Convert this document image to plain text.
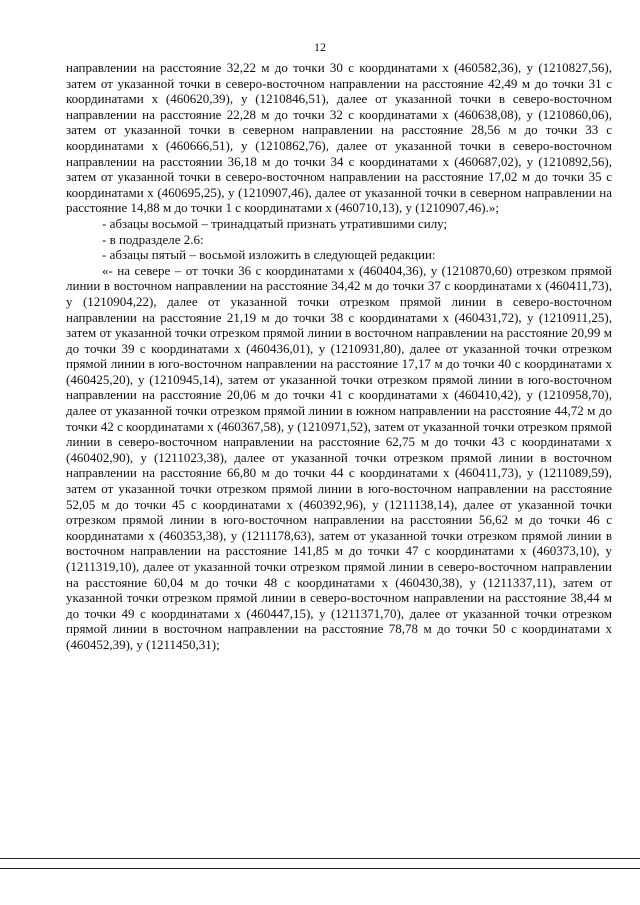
12

направлении на расстояние 32,22 м до точки 30 с координатами x (460582,36), y (1210827,56), затем от указанной точки в северо-восточном направлении на расстояние 42,49 м до точки 31 с координатами x (460620,39), y (1210846,51), далее от указанной точки в северо-восточном направлении на расстояние 22,28 м до точки 32 с координатами x (460638,08), y (1210860,06), затем от указанной точки в северном направлении на расстояние 28,56 м до точки 33 с координатами x (460666,51), y (1210862,76), далее от указанной точки в северо-восточном направлении на расстоянии 36,18 м до точки 34 с координатами x (460687,02), y (1210892,56), затем от указанной точки в северо-восточном направлении на расстояние 17,02 м до точки 35 с координатами x (460695,25), y (1210907,46), далее от указанной точки в северном направлении на расстояние 14,88 м до точки 1 с координатами x (460710,13), y (1210907,46).»;

- абзацы восьмой – тринадцатый признать утратившими силу;

- в подразделе 2.6:

- абзацы пятый – восьмой изложить в следующей редакции:

«- на севере – от точки 36 с координатами x (460404,36), y (1210870,60) отрезком прямой линии в восточном направлении на расстояние 34,42 м до точки 37 с координатами x (460411,73), y (1210904,22), далее от указанной точки отрезком прямой линии в северо-восточном направлении на расстояние 21,19 м до точки 38 с координатами x (460431,72), y (1210911,25), затем от указанной точки отрезком прямой линии в восточном направлении на расстояние 20,99 м до точки 39 с координатами x (460436,01), y (1210931,80), далее от указанной точки отрезком прямой линии в юго-восточном направлении на расстояние 17,17 м до точки 40 с координатами x (460425,20), y (1210945,14), затем от указанной точки отрезком прямой линии в юго-восточном направлении на расстояние 20,06 м до точки 41 с координатами x (460410,42), y (1210958,70), далее от указанной точки отрезком прямой линии в южном направлении на расстояние 44,72 м до точки 42 с координатами x (460367,58), y (1210971,52), затем от указанной точки отрезком прямой линии в северо-восточном направлении на расстояние 62,75 м до точки 43 с координатами x (460402,90), y (1211023,38), далее от указанной точки отрезком прямой линии в восточном направлении на расстояние 66,80 м до точки 44 с координатами x (460411,73), y (1211089,59), затем от указанной точки отрезком прямой линии в юго-восточном направлении на расстояние 52,05 м до точки 45 с координатами x (460392,96), y (1211138,14), далее от указанной точки отрезком прямой линии в юго-восточном направлении на расстоянии 56,62 м до точки 46 с координатами x (460353,38), y (1211178,63), затем от указанной точки отрезком прямой линии в восточном направлении на расстояние 141,85 м до точки 47 с координатами x (460373,10), y (1211319,10), далее от указанной точки отрезком прямой линии в северо-восточном направлении на расстояние 60,04 м до точки 48 с координатами x (460430,38), y (1211337,11), затем от указанной точки отрезком прямой линии в северо-восточном направлении на расстояние 38,44 м до точки 49 с координатами x (460447,15), y (1211371,70), далее от указанной точки отрезком прямой линии в восточном направлении на расстояние 78,78 м до точки 50 с координатами x (460452,39), y (1211450,31);
